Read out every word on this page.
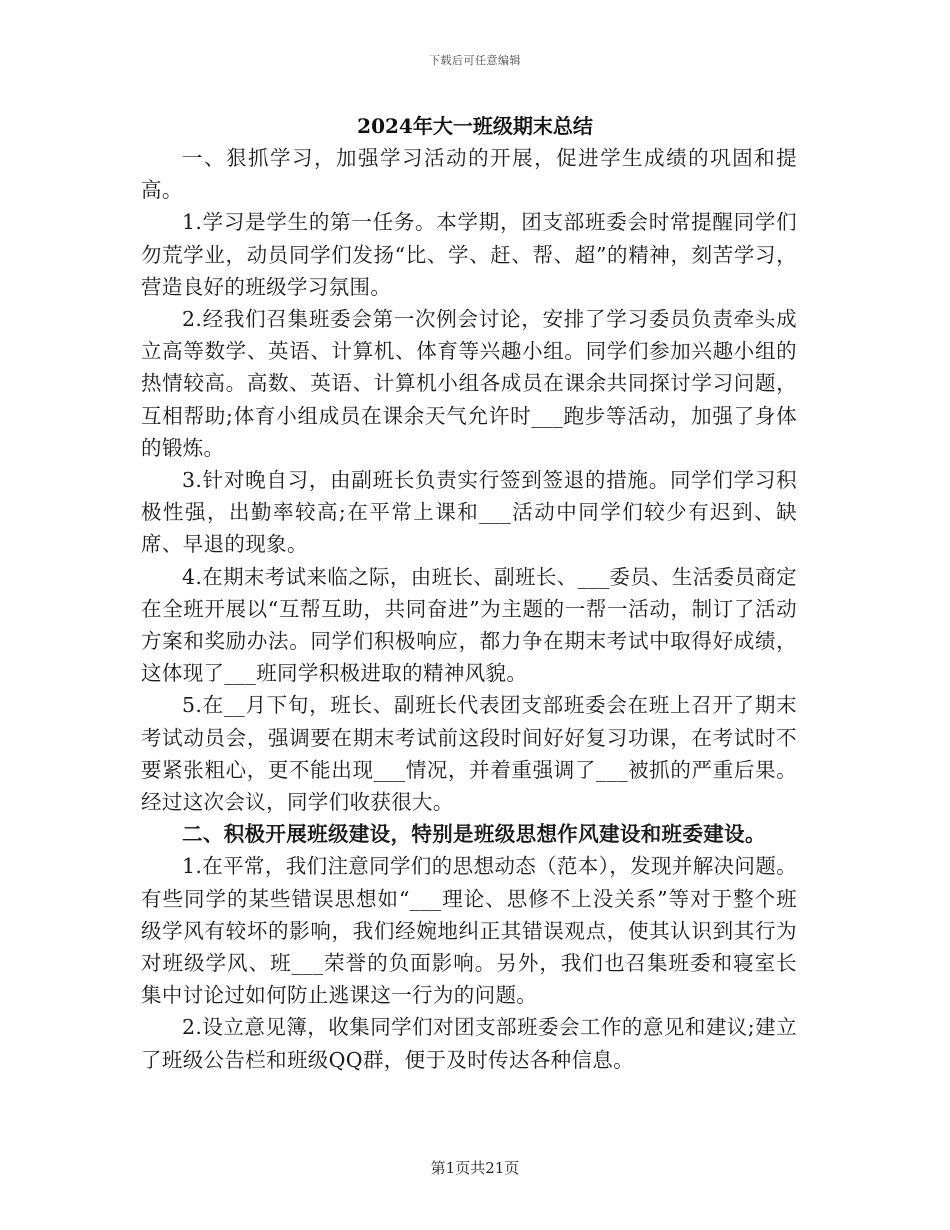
下载后可任意编辑
2024年大一班级期末总结

一、狠抓学习，加强学习活动的开展，促进学生成绩的巩固和提高。

1.学习是学生的第一任务。本学期，团支部班委会时常提醒同学们勿荒学业，动员同学们发扬“比、学、赶、帮、超”的精神，刻苦学习，营造良好的班级学习氛围。

2.经我们召集班委会第一次例会讨论，安排了学习委员负责牵头成立高等数学、英语、计算机、体育等兴趣小组。同学们参加兴趣小组的热情较高。高数、英语、计算机小组各成员在课余共同探讨学习问题，互相帮助;体育小组成员在课余天气允许时___跑步等活动，加强了身体的锻炼。

3.针对晚自习，由副班长负责实行签到签退的措施。同学们学习积极性强，出勤率较高;在平常上课和___活动中同学们较少有迟到、缺席、早退的现象。

4.在期末考试来临之际，由班长、副班长、___委员、生活委员商定在全班开展以“互帮互助，共同奋进”为主题的一帮一活动，制订了活动方案和奖励办法。同学们积极响应，都力争在期末考试中取得好成绩，这体现了___班同学积极进取的精神风貌。

5.在__月下旬，班长、副班长代表团支部班委会在班上召开了期末考试动员会，强调要在期末考试前这段时间好好复习功课，在考试时不要紧张粗心，更不能出现___情况，并着重强调了___被抓的严重后果。经过这次会议，同学们收获很大。

二、积极开展班级建设，特别是班级思想作风建设和班委建设。

1.在平常，我们注意同学们的思想动态（范本），发现并解决问题。有些同学的某些错误思想如“___理论、思修不上没关系”等对于整个班级学风有较坏的影响，我们经婉地纠正其错误观点，使其认识到其行为对班级学风、班___荣誉的负面影响。另外，我们也召集班委和寝室长集中讨论过如何防止逃课这一行为的问题。

2.设立意见簿，收集同学们对团支部班委会工作的意见和建议;建立了班级公告栏和班级QQ群，便于及时传达各种信息。

第1页共21页
